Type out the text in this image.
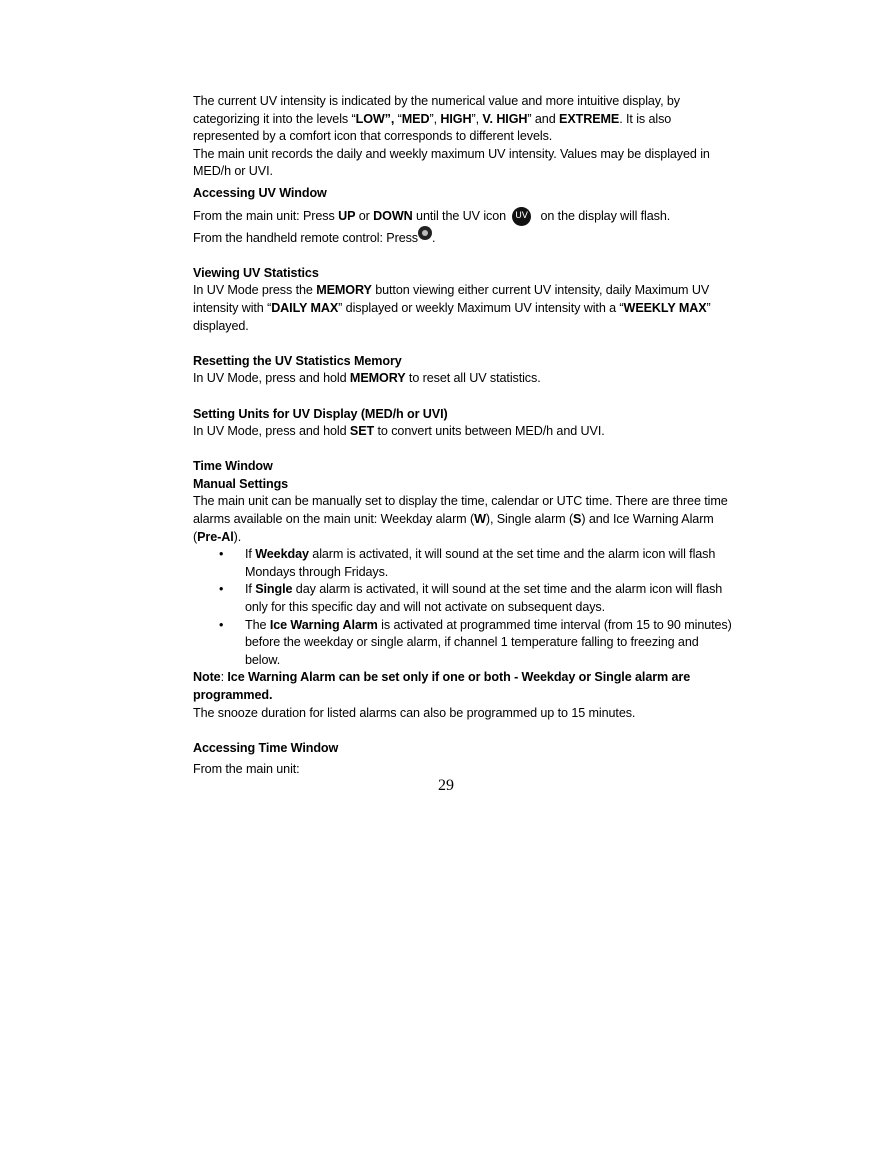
The current UV intensity is indicated by the numerical value and more intuitive display, by categorizing it into the levels “LOW”, “MED”, HIGH”, V. HIGH” and EXTREME. It is also represented by a comfort icon that corresponds to different levels.

The main unit records the daily and weekly maximum UV intensity. Values may be displayed in MED/h or UVI.

Accessing UV Window

From the main unit: Press UP or DOWN until the UV icon UV on the display will flash.

From the handheld remote control: Press .

Viewing UV Statistics

In UV Mode press the MEMORY button viewing either current UV intensity, daily Maximum UV intensity with “DAILY MAX” displayed or weekly Maximum UV intensity with a “WEEKLY MAX” displayed.

Resetting the UV Statistics Memory

In UV Mode, press and hold MEMORY to reset all UV statistics.

Setting Units for UV Display (MED/h or UVI)

In UV Mode, press and hold SET to convert units between MED/h and UVI.

Time Window

Manual Settings

The main unit can be manually set to display the time, calendar or UTC time. There are three time alarms available on the main unit: Weekday alarm (W), Single alarm (S) and Ice Warning Alarm (Pre-Al).

• If Weekday alarm is activated, it will sound at the set time and the alarm icon will flash Mondays through Fridays.
• If Single day alarm is activated, it will sound at the set time and the alarm icon will flash only for this specific day and will not activate on subsequent days.
• The Ice Warning Alarm is activated at programmed time interval (from 15 to 90 minutes) before the weekday or single alarm, if channel 1 temperature falling to freezing and below.

Note: Ice Warning Alarm can be set only if one or both - Weekday or Single alarm are programmed.

The snooze duration for listed alarms can also be programmed up to 15 minutes.

Accessing Time Window

From the main unit:

29
